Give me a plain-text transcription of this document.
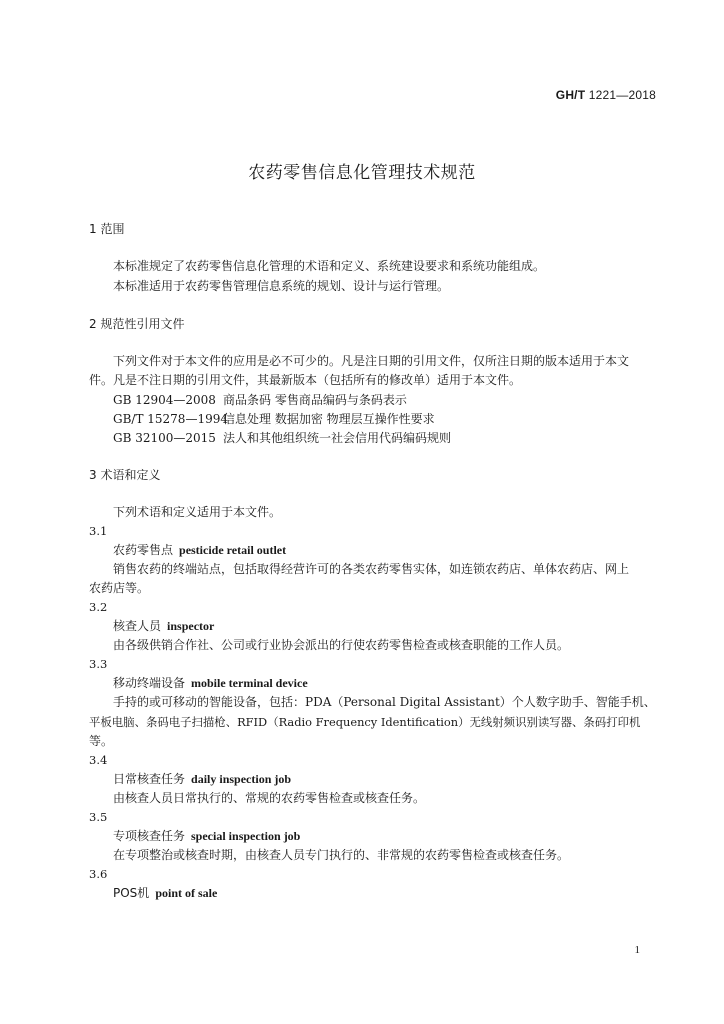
GH/T 1221—2018
农药零售信息化管理技术规范
1 范围
本标准规定了农药零售信息化管理的术语和定义、系统建设要求和系统功能组成。
本标准适用于农药零售管理信息系统的规划、设计与运行管理。
2 规范性引用文件
下列文件对于本文件的应用是必不可少的。凡是注日期的引用文件，仅所注日期的版本适用于本文
件。凡是不注日期的引用文件，其最新版本（包括所有的修改单）适用于本文件。
GB 12904—2008 商品条码 零售商品编码与条码表示
GB/T 15278—1994信息处理 数据加密 物理层互操作性要求
GB 32100—2015 法人和其他组织统一社会信用代码编码规则
3 术语和定义
下列术语和定义适用于本文件。
3.1
农药零售点 pesticide retail outlet
销售农药的终端站点，包括取得经营许可的各类农药零售实体，如连锁农药店、单体农药店、网上
农药店等。
3.2
核查人员 inspector
由各级供销合作社、公司或行业协会派出的行使农药零售检查或核查职能的工作人员。
3.3
移动终端设备 mobile terminal device
手持的或可移动的智能设备，包括：PDA（Personal Digital Assistant）个人数字助手、智能手机、
平板电脑、条码电子扫描枪、RFID（Radio Frequency Identification）无线射频识别读写器、条码打印机
等。
3.4
日常核查任务 daily inspection job
由核查人员日常执行的、常规的农药零售检查或核查任务。
3.5
专项核查任务 special inspection job
在专项整治或核查时期，由核查人员专门执行的、非常规的农药零售检查或核查任务。
3.6
POS机 point of sale
1
